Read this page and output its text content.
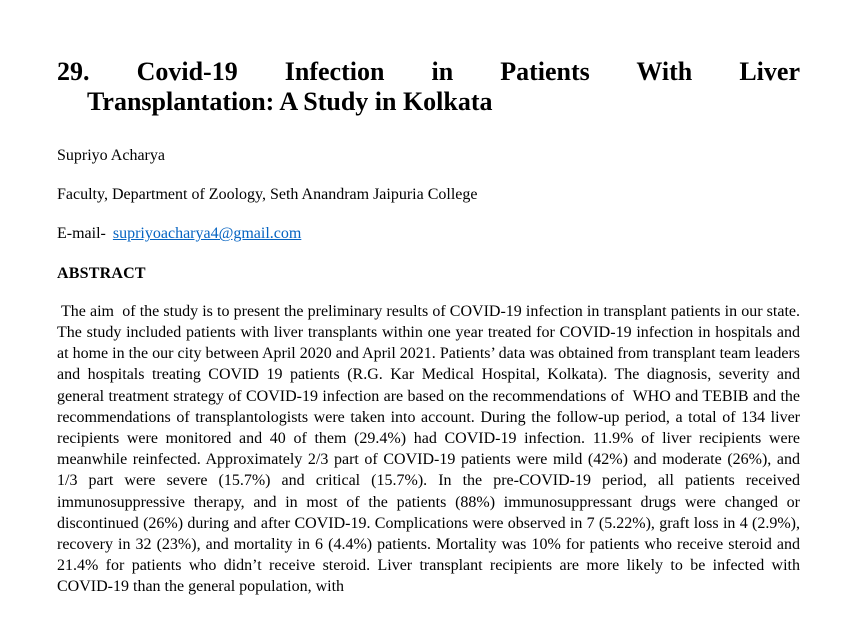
29. Covid-19 Infection in Patients With Liver
Transplantation: A Study in Kolkata

Supriyo Acharya

Faculty, Department of Zoology, Seth Anandram Jaipuria College

E-mail- supriyoacharya4@gmail.com

ABSTRACT

The aim  of the study is to present the preliminary results of COVID-19 infection in transplant patients in our state. The study included patients with liver transplants within one year treated for COVID-19 infection in hospitals and at home in the our city between April 2020 and April 2021. Patients’ data was obtained from transplant team leaders and hospitals treating COVID 19 patients (R.G. Kar Medical Hospital, Kolkata). The diagnosis, severity and general treatment strategy of COVID-19 infection are based on the recommendations of  WHO and TEBIB and the recommendations of transplantologists were taken into account. During the follow-up period, a total of 134 liver recipients were monitored and 40 of them (29.4%) had COVID-19 infection. 11.9% of liver recipients were meanwhile reinfected. Approximately 2/3 part of COVID-19 patients were mild (42%) and moderate (26%), and 1/3 part were severe (15.7%) and critical (15.7%). In the pre-COVID-19 period, all patients received immunosuppressive therapy, and in most of the patients (88%) immunosuppressant drugs were changed or discontinued (26%) during and after COVID-19. Complications were observed in 7 (5.22%), graft loss in 4 (2.9%), recovery in 32 (23%), and mortality in 6 (4.4%) patients. Mortality was 10% for patients who receive steroid and 21.4% for patients who didn’t receive steroid. Liver transplant recipients are more likely to be infected with COVID-19 than the general population, with
